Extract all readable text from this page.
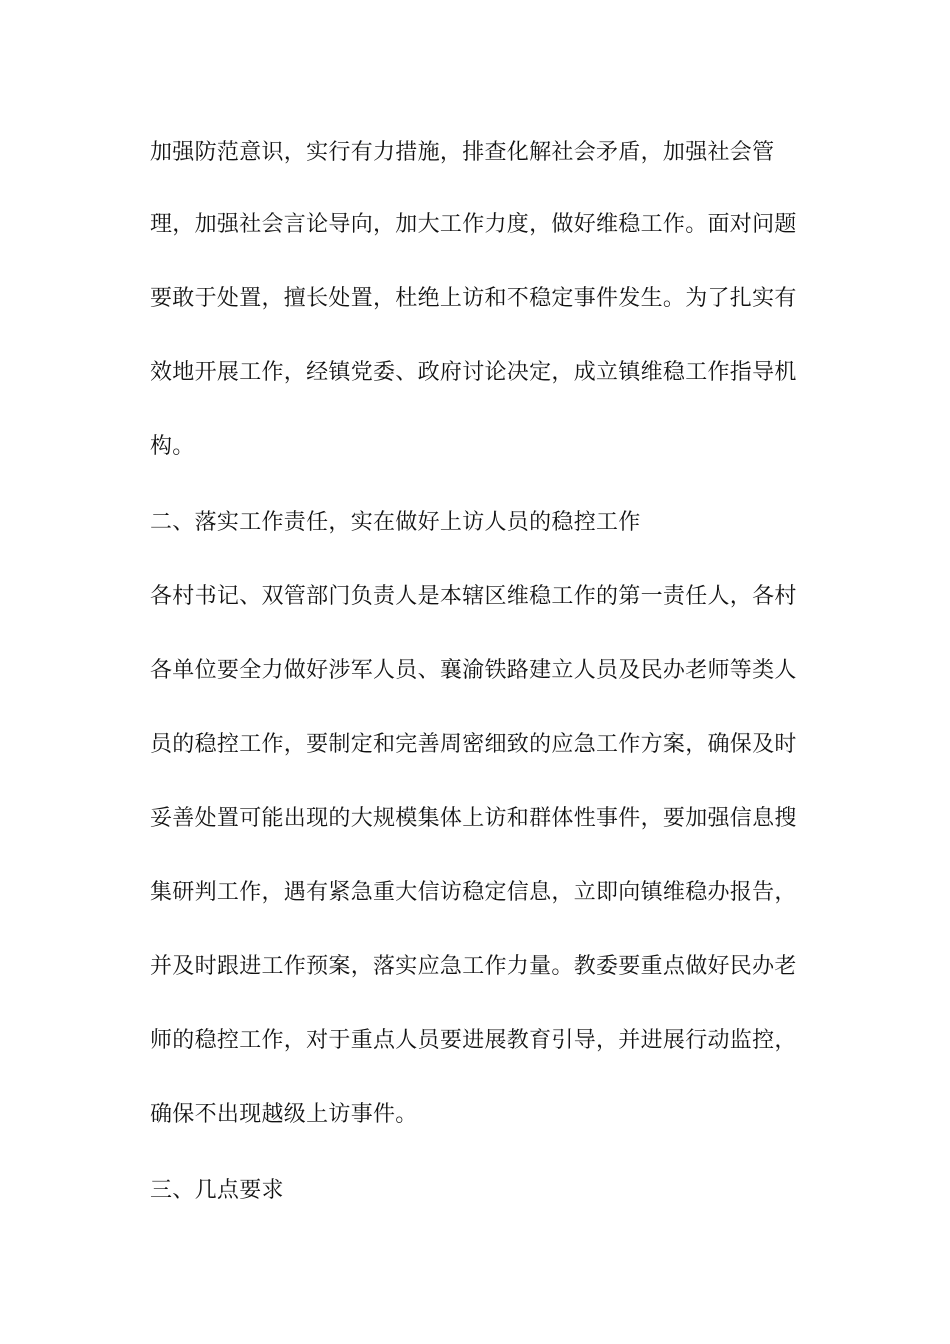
加强防范意识，实行有力措施，排查化解社会矛盾，加强社会管
理，加强社会言论导向，加大工作力度，做好维稳工作。面对问题
要敢于处置，擅长处置，杜绝上访和不稳定事件发生。为了扎实有
效地开展工作，经镇党委、政府讨论决定，成立镇维稳工作指导机
构。
二、落实工作责任，实在做好上访人员的稳控工作
各村书记、双管部门负责人是本辖区维稳工作的第一责任人，各村
各单位要全力做好涉军人员、襄渝铁路建立人员及民办老师等类人
员的稳控工作，要制定和完善周密细致的应急工作方案，确保及时
妥善处置可能出现的大规模集体上访和群体性事件，要加强信息搜
集研判工作，遇有紧急重大信访稳定信息，立即向镇维稳办报告，
并及时跟进工作预案，落实应急工作力量。教委要重点做好民办老
师的稳控工作，对于重点人员要进展教育引导，并进展行动监控，
确保不出现越级上访事件。
三、几点要求
